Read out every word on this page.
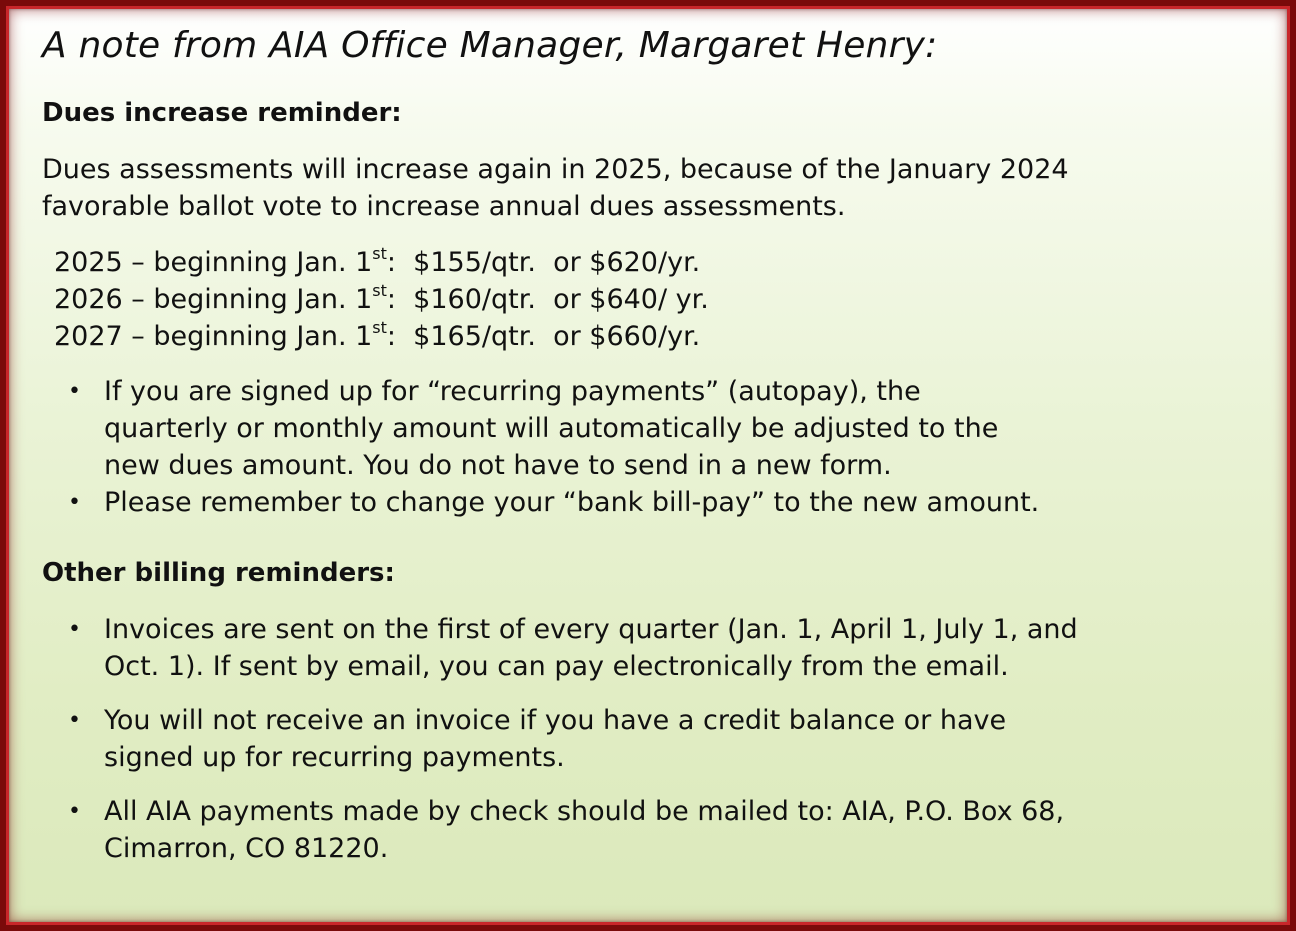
A note from AIA Office Manager, Margaret Henry:
Dues increase reminder:
Dues assessments will increase again in 2025, because of the January 2024
favorable ballot vote to increase annual dues assessments.
2025 – beginning Jan. 1st:  $155/qtr.  or $620/yr.
2026 – beginning Jan. 1st:  $160/qtr.  or $640/ yr.
2027 – beginning Jan. 1st:  $165/qtr.  or $660/yr.
• If you are signed up for “recurring payments” (autopay), the
quarterly or monthly amount will automatically be adjusted to the
new dues amount. You do not have to send in a new form.
• Please remember to change your “bank bill-pay” to the new amount.
Other billing reminders:
• Invoices are sent on the first of every quarter (Jan. 1, April 1, July 1, and
Oct. 1). If sent by email, you can pay electronically from the email.
• You will not receive an invoice if you have a credit balance or have
signed up for recurring payments.
• All AIA payments made by check should be mailed to: AIA, P.O. Box 68,
Cimarron, CO 81220.
